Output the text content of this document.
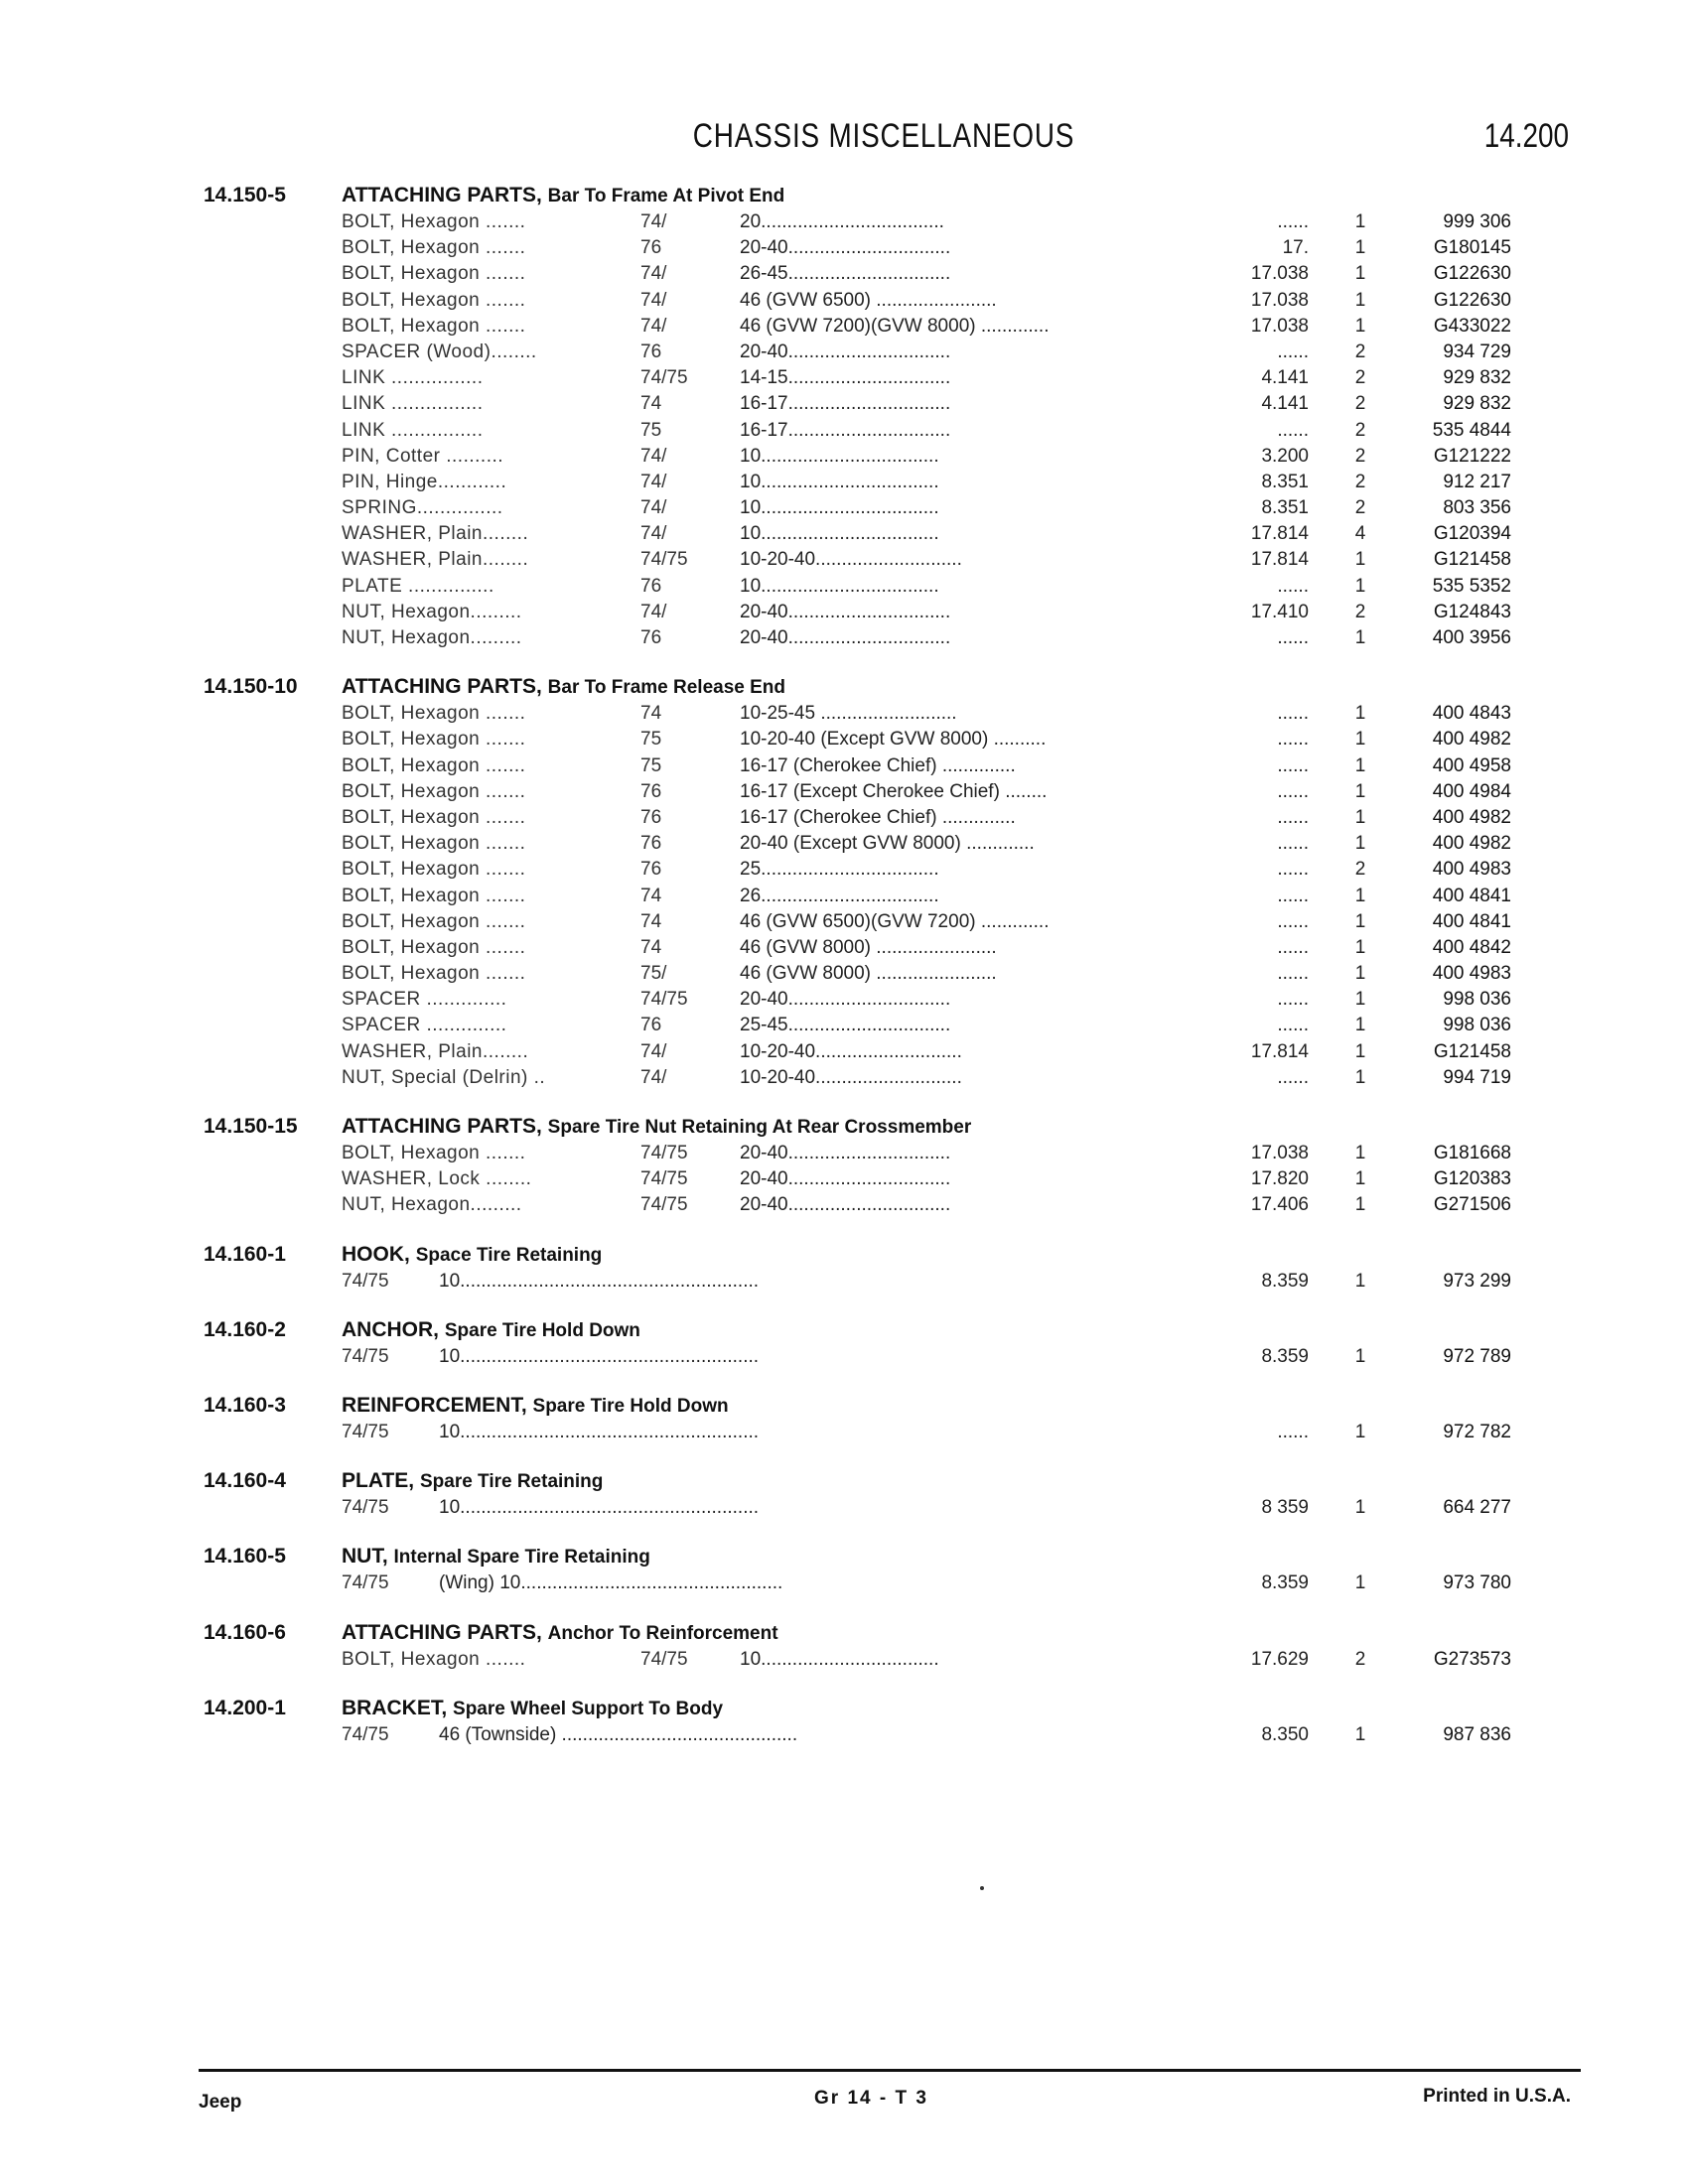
CHASSIS MISCELLANEOUS	14.200
14.150-5	ATTACHING PARTS, Bar To Frame At Pivot End
BOLT, Hexagon .......	74/	20...................................	......	1	999 306
BOLT, Hexagon .......	76	20-40...............................	17.	1	G180145
BOLT, Hexagon .......	74/	26-45...............................	17.038	1	G122630
BOLT, Hexagon .......	74/	46 (GVW 6500) .......................	17.038	1	G122630
BOLT, Hexagon .......	74/	46 (GVW 7200)(GVW 8000) .............	17.038	1	G433022
SPACER (Wood)........	76	20-40...............................	......	2	934 729
LINK ................	74/75	14-15...............................	4.141	2	929 832
LINK ................	74	16-17...............................	4.141	2	929 832
LINK ................	75	16-17...............................	......	2	535 4844
PIN, Cotter ..........	74/	10..................................	3.200	2	G121222
PIN, Hinge............	74/	10..................................	8.351	2	912 217
SPRING...............	74/	10..................................	8.351	2	803 356
WASHER, Plain........	74/	10..................................	17.814	4	G120394
WASHER, Plain........	74/75	10-20-40............................	17.814	1	G121458
PLATE ...............	76	10..................................	......	1	535 5352
NUT, Hexagon.........	74/	20-40...............................	17.410	2	G124843
NUT, Hexagon.........	76	20-40...............................	......	1	400 3956
14.150-10 ATTACHING PARTS, Bar To Frame Release End
BOLT, Hexagon .......	74	10-25-45 ..........................	......	1	400 4843
BOLT, Hexagon .......	75	10-20-40 (Except GVW 8000) ..........	......	1	400 4982
BOLT, Hexagon .......	75	16-17 (Cherokee Chief) ..............	......	1	400 4958
BOLT, Hexagon .......	76	16-17 (Except Cherokee Chief) ........	......	1	400 4984
BOLT, Hexagon .......	76	16-17 (Cherokee Chief) ..............	......	1	400 4982
BOLT, Hexagon .......	76	20-40 (Except GVW 8000) .............	......	1	400 4982
BOLT, Hexagon .......	76	25..................................	......	2	400 4983
BOLT, Hexagon .......	74	26..................................	......	1	400 4841
BOLT, Hexagon .......	74	46 (GVW 6500)(GVW 7200) .............	......	1	400 4841
BOLT, Hexagon .......	74	46 (GVW 8000) .......................	......	1	400 4842
BOLT, Hexagon .......	75/	46 (GVW 8000) .......................	......	1	400 4983
SPACER ..............	74/75	20-40...............................	......	1	998 036
SPACER ..............	76	25-45...............................	......	1	998 036
WASHER, Plain........	74/	10-20-40............................	17.814	1	G121458
NUT, Special (Delrin) ..	74/	10-20-40............................	......	1	994 719
14.150-15 ATTACHING PARTS, Spare Tire Nut Retaining At Rear Crossmember
BOLT, Hexagon .......	74/75	20-40...............................	17.038	1	G181668
WASHER, Lock ........	74/75	20-40...............................	17.820	1	G120383
NUT, Hexagon.........	74/75	20-40...............................	17.406	1	G271506
14.160-1	HOOK, Space Tire Retaining
74/75	10.........................................................	8.359	1	973 299
14.160-2	ANCHOR, Spare Tire Hold Down
74/75	10.........................................................	8.359	1	972 789
14.160-3	REINFORCEMENT, Spare Tire Hold Down
74/75	10.........................................................	......	1	972 782
14.160-4	PLATE, Spare Tire Retaining
74/75	10.........................................................	8 359	1	664 277
14.160-5	NUT, Internal Spare Tire Retaining
74/75	(Wing) 10..................................................	8.359	1	973 780
14.160-6	ATTACHING PARTS, Anchor To Reinforcement
BOLT, Hexagon .......	74/75	10..................................	17.629	2	G273573
14.200-1	BRACKET, Spare Wheel Support To Body
74/75	46 (Townside) .............................................	8.350	1	987 836
Jeep	Gr 14 - T 3	Printed in U.S.A.
